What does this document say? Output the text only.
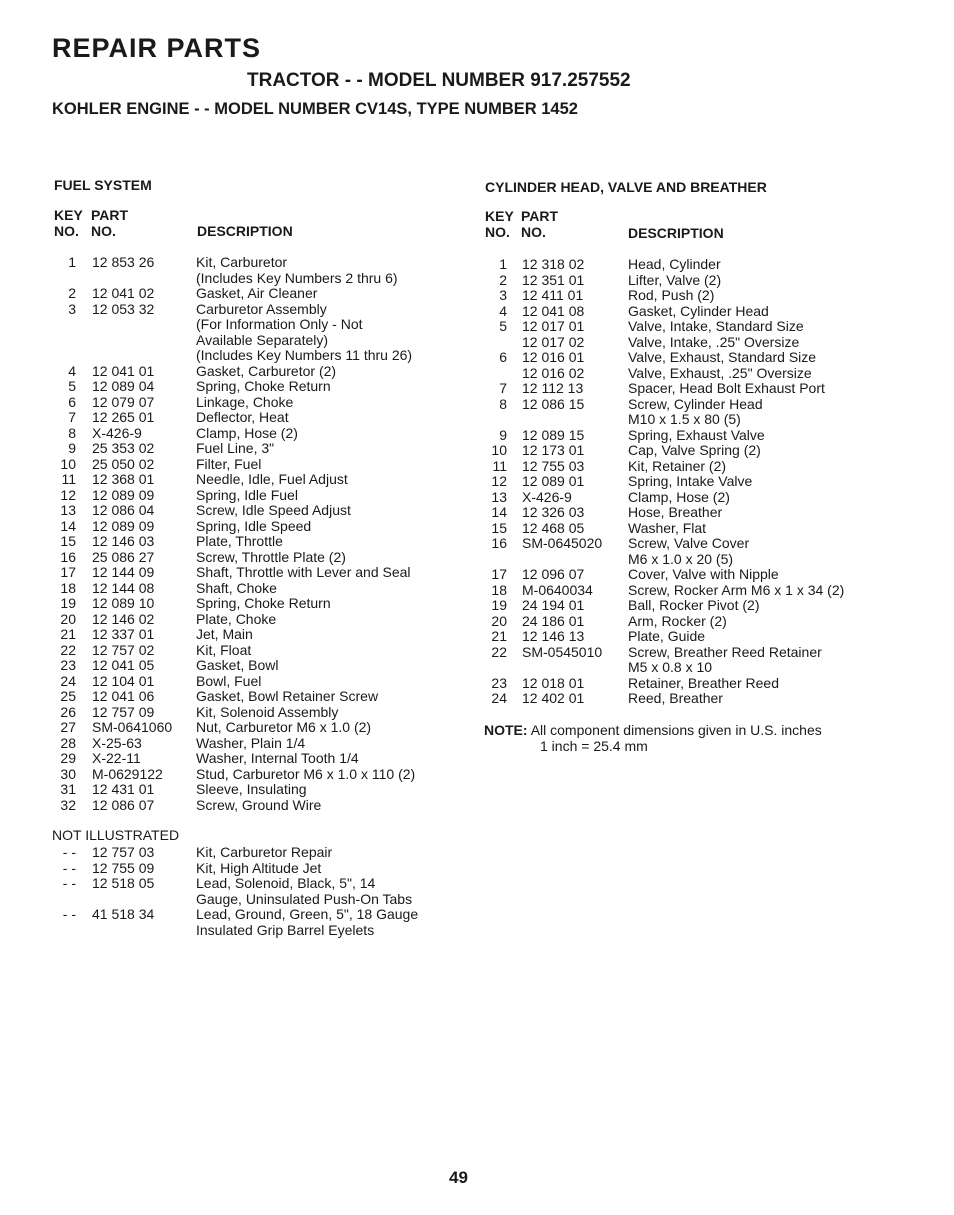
REPAIR PARTS
TRACTOR - - MODEL NUMBER 917.257552
KOHLER ENGINE - - MODEL NUMBER CV14S, TYPE NUMBER 1452
FUEL SYSTEM
KEY
NO.
PART
NO.	DESCRIPTION
1 12 853 26	Kit, Carburetor
(Includes Key Numbers 2 thru 6)
2 12 041 02	Gasket, Air Cleaner
3 12 053 32	Carburetor Assembly
(For Information Only - Not
Available Separately)
(Includes Key Numbers 11 thru 26)
4 12 041 01	Gasket, Carburetor (2)
5 12 089 04	Spring, Choke Return
6 12 079 07	Linkage, Choke
7 12 265 01	Deflector, Heat
8 X-426-9	Clamp, Hose (2)
9 25 353 02	Fuel Line, 3"
10 25 050 02	Filter, Fuel
11 12 368 01	Needle, Idle, Fuel Adjust
12 12 089 09	Spring, Idle Fuel
13 12 086 04	Screw, Idle Speed Adjust
14 12 089 09	Spring, Idle Speed
15 12 146 03	Plate, Throttle
16 25 086 27	Screw, Throttle Plate (2)
17 12 144 09	Shaft, Throttle with Lever and Seal
18 12 144 08	Shaft, Choke
19 12 089 10	Spring, Choke Return
20 12 146 02	Plate, Choke
21 12 337 01	Jet, Main
22 12 757 02	Kit, Float
23 12 041 05	Gasket, Bowl
24 12 104 01	Bowl, Fuel
25 12 041 06	Gasket, Bowl Retainer Screw
26 12 757 09	Kit, Solenoid Assembly
27 SM-0641060 Nut, Carburetor M6 x 1.0 (2)
28 X-25-63	Washer, Plain 1/4
29 X-22-11	Washer, Internal Tooth 1/4
30 M-0629122 Stud, Carburetor M6 x 1.0 x 110 (2)
31 12 431 01	Sleeve, Insulating
32 12 086 07	Screw, Ground Wire
NOT ILLUSTRATED
- - 12 757 03	Kit, Carburetor Repair
- - 12 755 09	Kit, High Altitude Jet
- - 12 518 05	Lead, Solenoid, Black, 5", 14
Gauge, Uninsulated Push-On Tabs
- - 41 518 34	Lead, Ground, Green, 5", 18 Gauge
Insulated Grip Barrel Eyelets
CYLINDER HEAD, VALVE AND BREATHER
KEY
NO.
PART
NO.	DESCRIPTION
1 12 318 02	Head, Cylinder
2 12 351 01	Lifter, Valve (2)
3 12 411 01	Rod, Push (2)
4 12 041 08	Gasket, Cylinder Head
5 12 017 01	Valve, Intake, Standard Size
12 017 02	Valve, Intake, .25" Oversize
6 12 016 01	Valve, Exhaust, Standard Size
12 016 02	Valve, Exhaust, .25" Oversize
7 12 112 13	Spacer, Head Bolt Exhaust Port
8 12 086 15	Screw, Cylinder Head
M10 x 1.5 x 80 (5)
9 12 089 15	Spring, Exhaust Valve
10 12 173 01	Cap, Valve Spring (2)
11 12 755 03	Kit, Retainer (2)
12 12 089 01	Spring, Intake Valve
13 X-426-9	Clamp, Hose (2)
14 12 326 03	Hose, Breather
15 12 468 05	Washer, Flat
16 SM-0645020 Screw, Valve Cover
M6 x 1.0 x 20 (5)
17 12 096 07	Cover, Valve with Nipple
18 M-0640034	Screw, Rocker Arm M6 x 1 x 34 (2)
19 24 194 01	Ball, Rocker Pivot (2)
20 24 186 01	Arm, Rocker (2)
21 12 146 13	Plate, Guide
22 SM-0545010 Screw, Breather Reed Retainer
M5 x 0.8 x 10
23 12 018 01	Retainer, Breather Reed
24 12 402 01	Reed, Breather
NOTE: All component dimensions given in U.S. inches
1 inch = 25.4 mm
49
